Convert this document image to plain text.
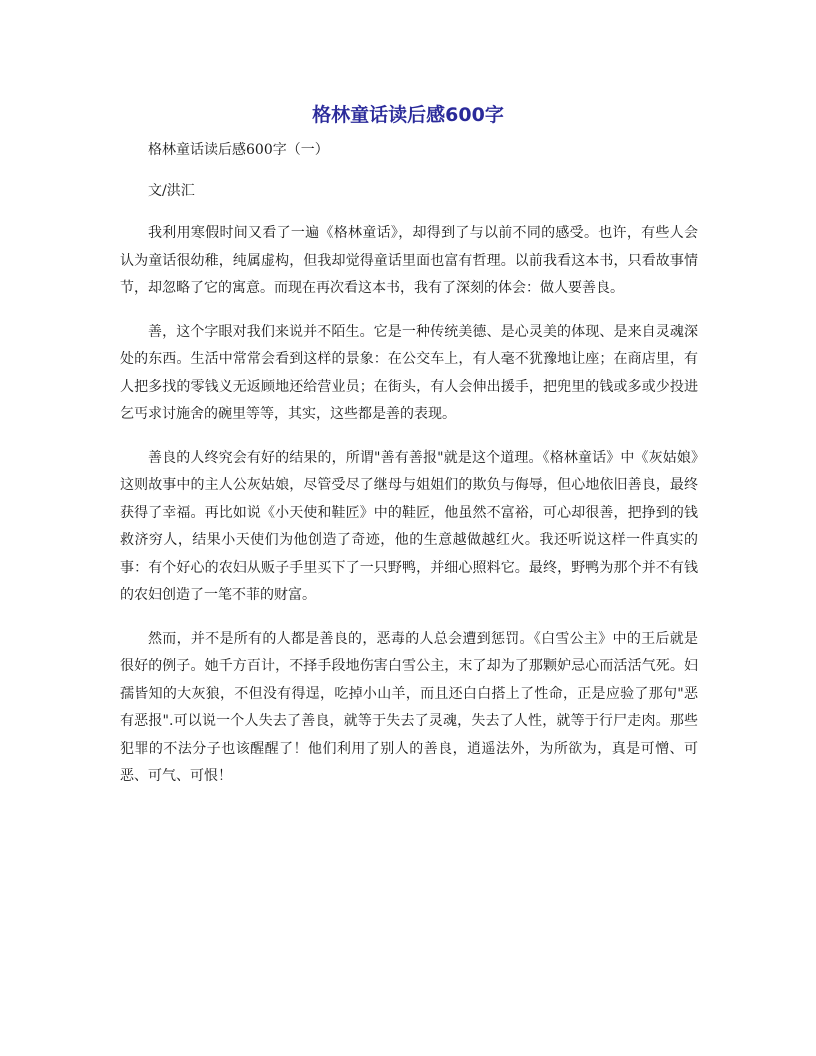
格林童话读后感600字

格林童话读后感600字（一）

文/洪汇

我利用寒假时间又看了一遍《格林童话》，却得到了与以前不同的感受。也许，有些人会认为童话很幼稚，纯属虚构，但我却觉得童话里面也富有哲理。以前我看这本书，只看故事情节，却忽略了它的寓意。而现在再次看这本书，我有了深刻的体会：做人要善良。

善，这个字眼对我们来说并不陌生。它是一种传统美德、是心灵美的体现、是来自灵魂深处的东西。生活中常常会看到这样的景象：在公交车上，有人毫不犹豫地让座；在商店里，有人把多找的零钱义无返顾地还给营业员；在街头，有人会伸出援手，把兜里的钱或多或少投进乞丐求讨施舍的碗里等等，其实，这些都是善的表现。

善良的人终究会有好的结果的，所谓"善有善报"就是这个道理。《格林童话》中《灰姑娘》这则故事中的主人公灰姑娘，尽管受尽了继母与姐姐们的欺负与侮辱，但心地依旧善良，最终获得了幸福。再比如说《小天使和鞋匠》中的鞋匠，他虽然不富裕，可心却很善，把挣到的钱救济穷人，结果小天使们为他创造了奇迹，他的生意越做越红火。我还听说这样一件真实的事：有个好心的农妇从贩子手里买下了一只野鸭，并细心照料它。最终，野鸭为那个并不有钱的农妇创造了一笔不菲的财富。

然而，并不是所有的人都是善良的，恶毒的人总会遭到惩罚。《白雪公主》中的王后就是很好的例子。她千方百计，不择手段地伤害白雪公主，末了却为了那颗妒忌心而活活气死。妇孺皆知的大灰狼，不但没有得逞，吃掉小山羊，而且还白白搭上了性命，正是应验了那句"恶有恶报".可以说一个人失去了善良，就等于失去了灵魂，失去了人性，就等于行尸走肉。那些犯罪的不法分子也该醒醒了！他们利用了别人的善良，逍遥法外，为所欲为，真是可憎、可恶、可气、可恨！
